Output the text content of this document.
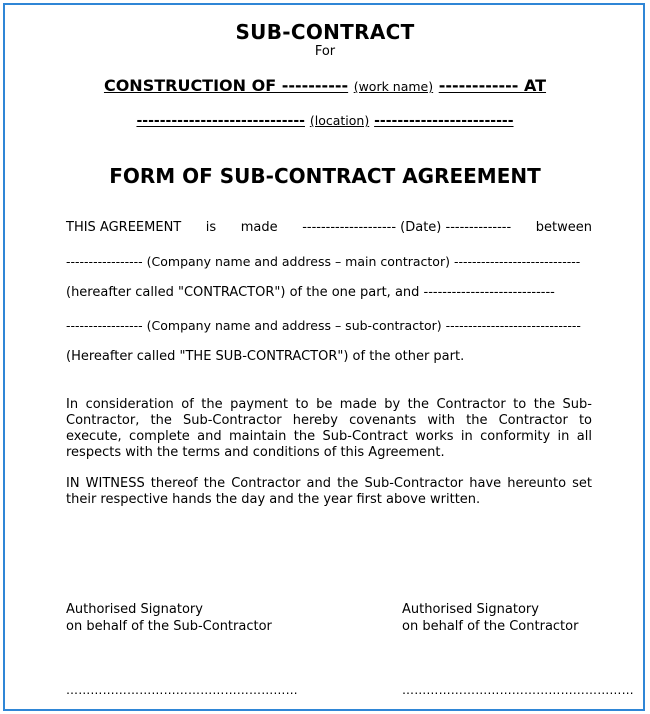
SUB-CONTRACT
For
CONSTRUCTION OF ---------- (work name) ------------ AT
----------------------------- (location) ------------------------
FORM OF SUB-CONTRACT AGREEMENT
THIS AGREEMENT is made -------------------- (Date) -------------- between
----------------- (Company name and address – main contractor) ----------------------------
(hereafter called "CONTRACTOR") of the one part, and ----------------------------
----------------- (Company name and address – sub-contractor) ------------------------------
(Hereafter called "THE SUB-CONTRACTOR") of the other part.
In consideration of the payment to be made by the Contractor to the Sub-Contractor, the Sub-Contractor hereby covenants with the Contractor to execute, complete and maintain the Sub-Contract works in conformity in all respects with the terms and conditions of this Agreement.
IN WITNESS thereof the Contractor and the Sub-Contractor have hereunto set their respective hands the day and the year first above written.
Authorised Signatory
on behalf of the Sub-Contractor
Authorised Signatory
on behalf of the Contractor
…………………………………………………	…………………………………………………
